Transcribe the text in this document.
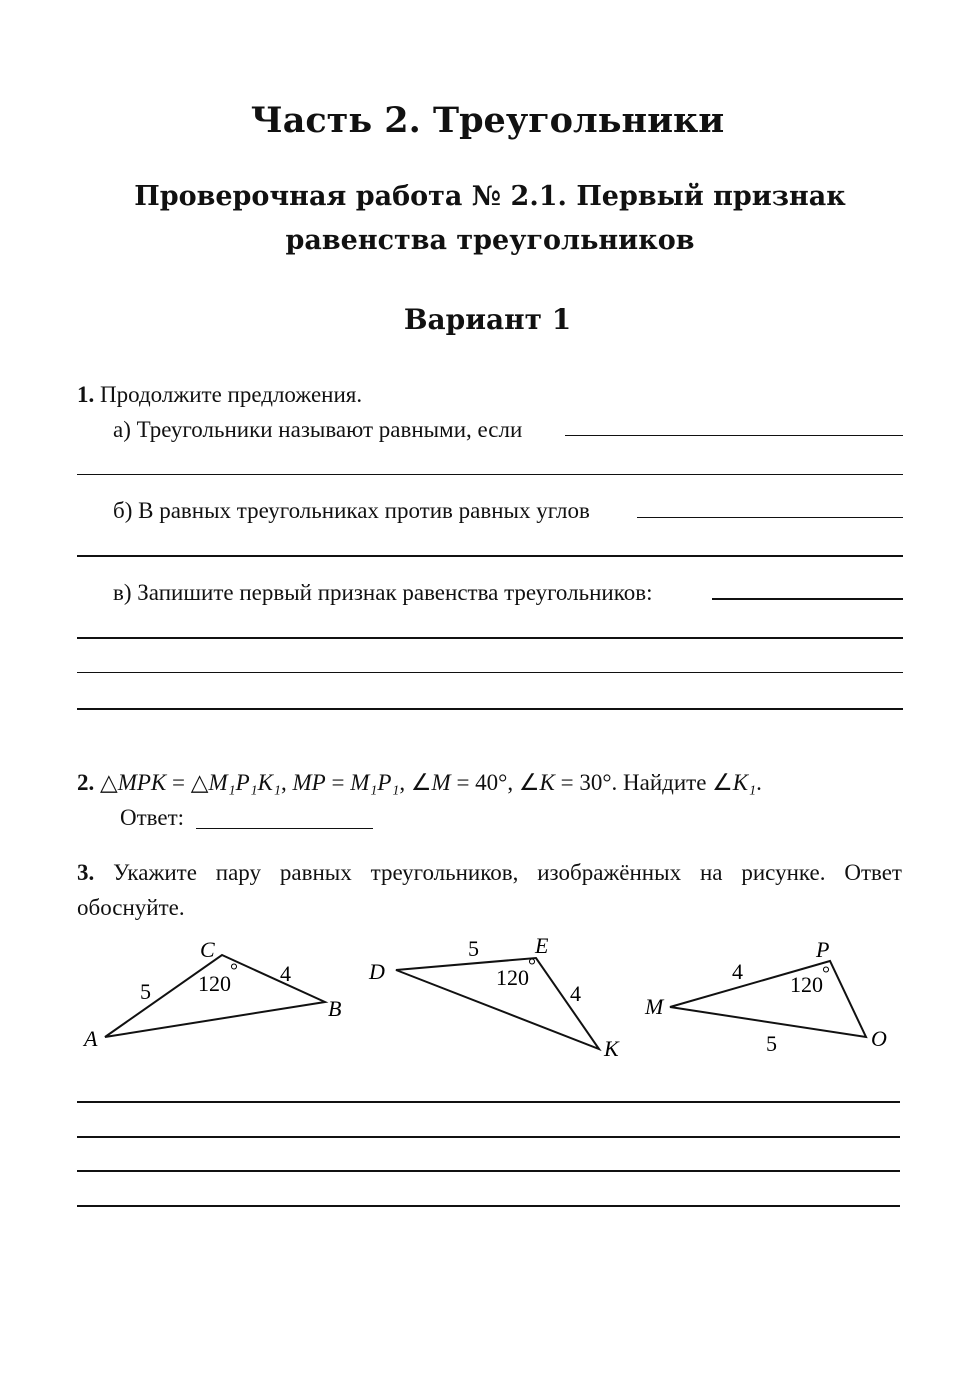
Часть 2. Треугольники
Проверочная работа № 2.1. Первый признак равенства треугольников
Вариант 1
1. Продолжите предложения.
а) Треугольники называют равными, если
б) В равных треугольниках против равных углов
в) Запишите первый признак равенства треугольников:
2. △MPK = △M₁P₁K₁, MP = M₁P₁, ∠M = 40°, ∠K = 30°. Найдите ∠K₁.
Ответ:
3. Укажите пару равных треугольников, изображённых на рисунке. Ответ обоснуйте.
A
C
B
5
4
120 °	D
E
K
5
4
120 °
M
P
O
4
5
120 °
